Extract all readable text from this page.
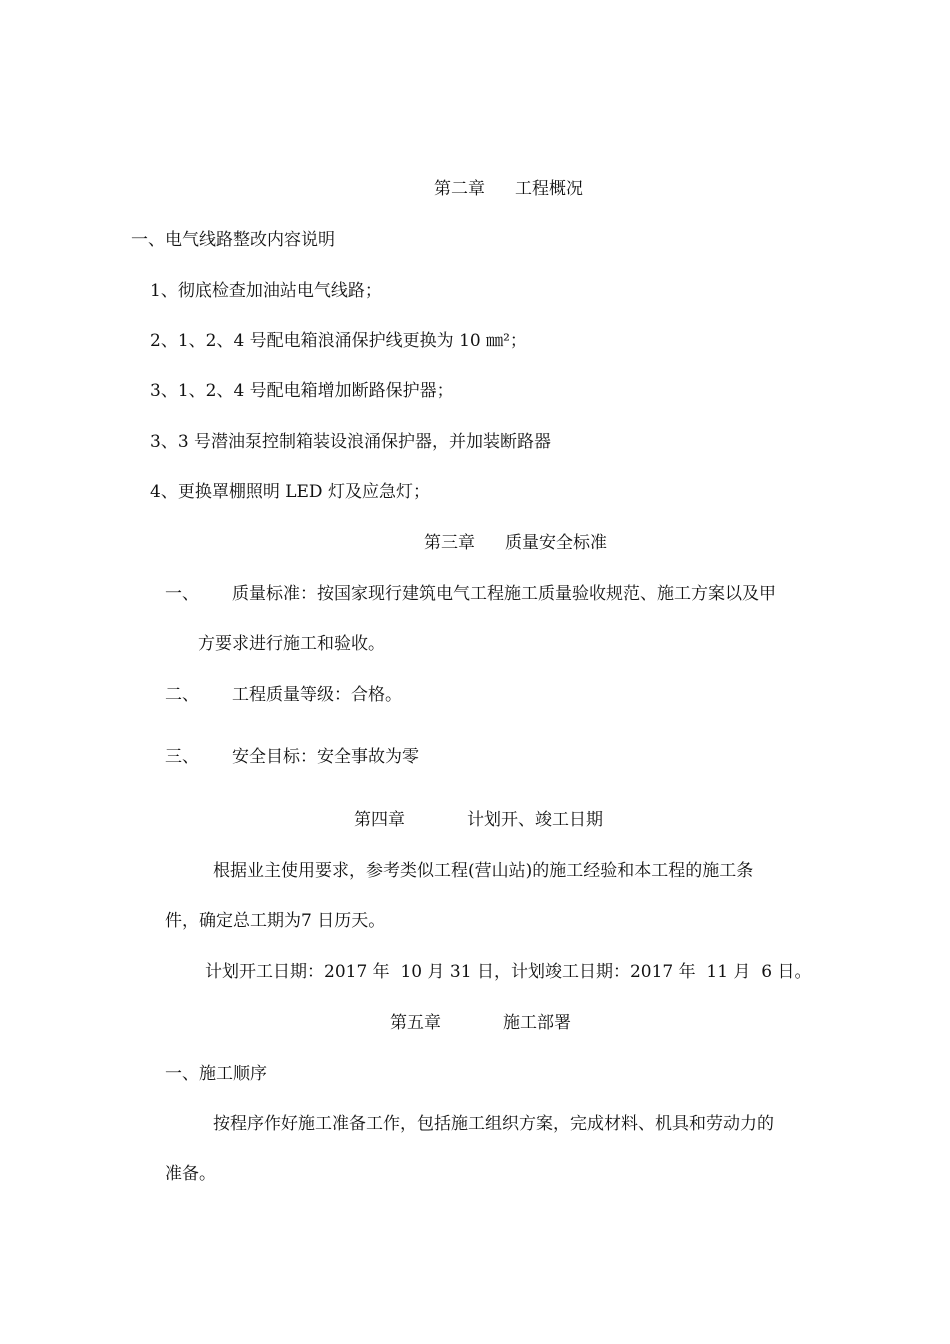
第二章 工程概况
一、电气线路整改内容说明
1、彻底检查加油站电气线路；
2、1、2、4 号配电箱浪涌保护线更换为 10 ㎜²；
3、1、2、4 号配电箱增加断路保护器；
3、3 号潜油泵控制箱装设浪涌保护器，并加装断路器
4、更换罩棚照明 LED 灯及应急灯；
第三章 质量安全标准
一、 质量标准：按国家现行建筑电气工程施工质量验收规范、施工方案以及甲
方要求进行施工和验收。
二、 工程质量等级：合格。
三、 安全目标：安全事故为零
第四章	计划开、竣工日期
根据业主使用要求，参考类似工程(营山站)的施工经验和本工程的施工条
件，确定总工期为7 日历天。
计划开工日期：2017 年  10 月 31 日，计划竣工日期：2017 年  11 月  6 日。
第五章	施工部署
一、施工顺序
按程序作好施工准备工作，包括施工组织方案，完成材料、机具和劳动力的
准备。
